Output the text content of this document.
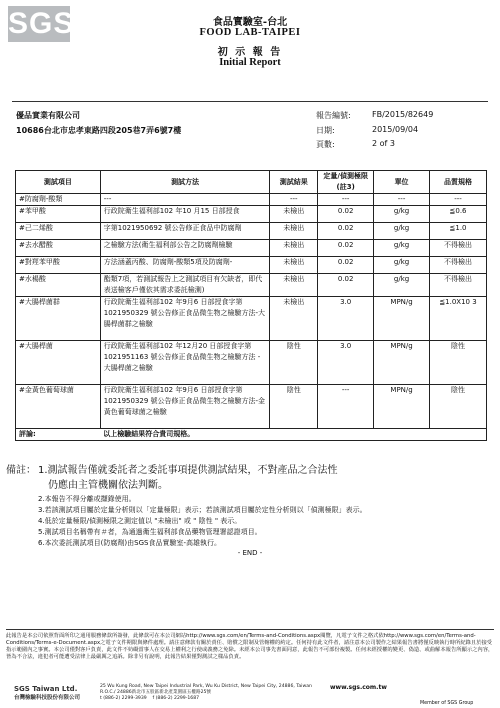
SGS	食品實驗室-台北
FOOD LAB-TAIPEI
初 示 報 告
Initial Report
優品實業有限公司
10686台北市忠孝東路四段205巷7弄6號7樓
報告編號:	FB/2015/82649
日期:	2015/09/04
頁數:	2 of 3
測試項目	測試方法	測試結果	定量/偵測極限(註3)	單位	品質規格
#防腐劑-酸類	---	---	---	---	---
#苯甲酸	行政院衛生福利部102 年10 月15 日部授食	未檢出	0.02	g/kg	≦0.6
#己二烯酸	字第1021950692 號公告修正食品中防腐劑	未檢出	0.02	g/kg	≦1.0
#去水醋酸	之檢驗方法(衛生福利部公告之防腐劑檢驗	未檢出	0.02	g/kg	不得檢出
#對羥苯甲酸	方法涵蓋丙酸、防腐劑-酸類5項及防腐劑-	未檢出	0.02	g/kg	不得檢出
#水楊酸	酯類7項，若測試報告上之測試項目有欠缺者，即代表送檢客戶僅依其需求委託檢測)	未檢出	0.02	g/kg	不得檢出
#大腸桿菌群	行政院衛生福利部102 年9月6 日部授食字第1021950329 號公告修正食品微生物之檢驗方法-大腸桿菌群之檢驗	未檢出	3.0	MPN/g	≦1.0X10 3
#大腸桿菌	行政院衛生福利部102 年12月20 日部授食字第1021951163 號公告修正食品微生物之檢驗方法 - 大腸桿菌之檢驗	陰性	3.0	MPN/g	陰性
#金黃色葡萄球菌	行政院衛生福利部102 年9月6 日部授食字第1021950329 號公告修正食品微生物之檢驗方法-金黃色葡萄球菌之檢驗	陰性	---	MPN/g	陰性
評論:	以上檢驗結果符合貴司規格。				
備註： 1.測試報告僅就委託者之委託事項提供測試結果，不對產品之合法性
仍應由主管機關依法判斷。
2.本報告不得分離或擷錄使用。
3.若該測試項目屬於定量分析則以「定量極限」表示；若該測試項目屬於定性分析則以「偵測極限」表示。
4.低於定量極限/偵測極限之測定值以 "未檢出" 或 " 陰性 " 表示。
5.測試項目名稱帶有＃者，為通過衛生福利部食品藥物管理署認證項目。
6.本次委託測試項目(防腐劑)由SGS食品實驗室-高雄執行。
- END -
此報告是本公司依照背面所印之通用服務條款所簽發，此條款可在本公司網站http://www.sgs.com/en/Terms-and-Conditions.aspx閱覽，凡電子文件之格式依http://www.sgs.com/en/Terms-and-Conditions/Terms-e-Document.aspx之電子文件期限與條件處理。請注意條款有關於責任、賠償之限制及管轄權的約定。任何持有此文件者，請注意本公司製作之結果報告書將僅反映執行時所紀錄且於接受指示範圍內之事實。本公司僅對客戶負責，此文件不妨礙當事人在交易上權利之行使或義務之免除。未經本公司事先書面同意，此報告不可部份複製。任何未經授權的變更、偽造、或曲解本報告所顯示之內容，皆為不合法，違犯者可能遭受法律上最嚴厲之追訴。除非另有說明，此報告結果僅對測試之樣品負責。
SGS Taiwan Ltd.
台灣檢驗科技股份有限公司
25 Wu Kung Road, New Taipei Industrial Park, Wu Ku District, New Taipei City, 24886, Taiwan R.O.C./ 24886新北市五股區新北產業園區五權路25號
t (886-2) 2299-3939 f (886-2) 2299-1687
www.sgs.com.tw
Member of SGS Group
